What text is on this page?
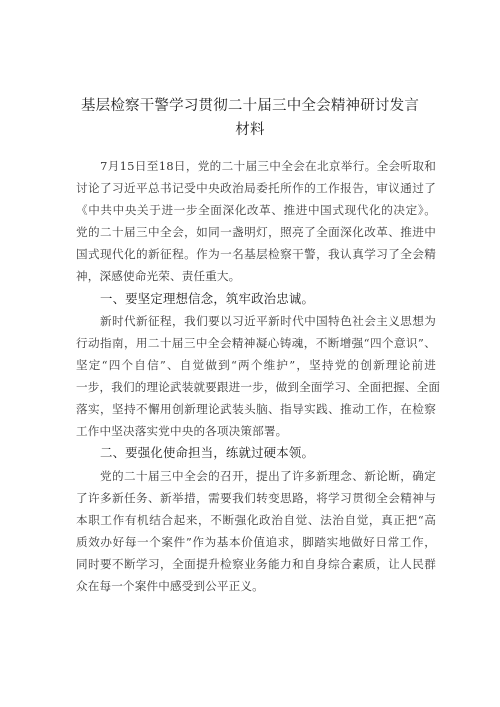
基层检察干警学习贯彻二十届三中全会精神研讨发言
材料
7月15日至18日，党的二十届三中全会在北京举行。全会听取和
讨论了习近平总书记受中央政治局委托所作的工作报告，审议通过了
《中共中央关于进一步全面深化改革、推进中国式现代化的决定》。
党的二十届三中全会，如同一盏明灯，照亮了全面深化改革、推进中
国式现代化的新征程。作为一名基层检察干警，我认真学习了全会精
神，深感使命光荣、责任重大。
一、要坚定理想信念，筑牢政治忠诚。
新时代新征程，我们要以习近平新时代中国特色社会主义思想为
行动指南，用二十届三中全会精神凝心铸魂，不断增强“四个意识”、
坚定“四个自信”、自觉做到“两个维护”，坚持党的创新理论前进
一步，我们的理论武装就要跟进一步，做到全面学习、全面把握、全面
落实，坚持不懈用创新理论武装头脑、指导实践、推动工作，在检察
工作中坚决落实党中央的各项决策部署。
二、要强化使命担当，练就过硬本领。
党的二十届三中全会的召开，提出了许多新理念、新论断，确定
了许多新任务、新举措，需要我们转变思路，将学习贯彻全会精神与
本职工作有机结合起来，不断强化政治自觉、法治自觉，真正把“高
质效办好每一个案件”作为基本价值追求，脚踏实地做好日常工作，
同时要不断学习，全面提升检察业务能力和自身综合素质，让人民群
众在每一个案件中感受到公平正义。
